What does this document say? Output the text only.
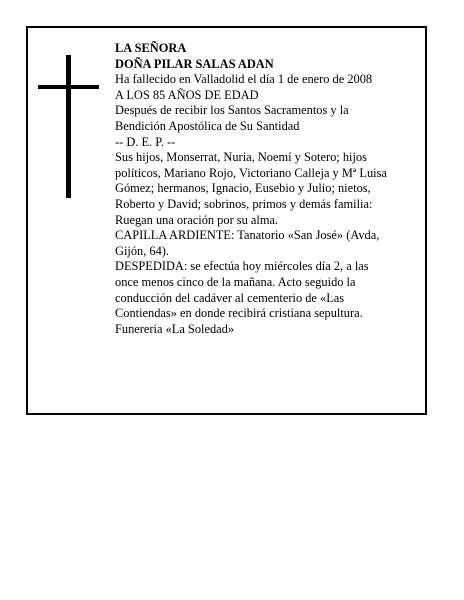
LA SEÑORA
DOÑA PILAR SALAS ADAN
Ha fallecido en Valladolid el día 1 de enero de 2008
A LOS 85 AÑOS DE EDAD
Después de recibir los Santos Sacramentos y la
Bendición Apostólica de Su Santidad
-- D. E. P. --
Sus hijos, Monserrat, Nuria, Noemí y Sotero; hijos
políticos, Mariano Rojo, Victoriano Calleja y Mª Luisa
Gómez; hermanos, Ignacio, Eusebio y Julio; nietos,
Roberto y David; sobrinos, primos y demás familia:
Ruegan una oración por su alma.
CAPILLA ARDIENTE: Tanatorio «San José» (Avda,
Gijón, 64).
DESPEDIDA: se efectúa hoy miércoles día 2, a las
once menos cinco de la mañana. Acto seguido la
conducción del cadáver al cementerio de «Las
Contiendas» en donde recibirá cristiana sepultura.
Funereria «La Soledad»
